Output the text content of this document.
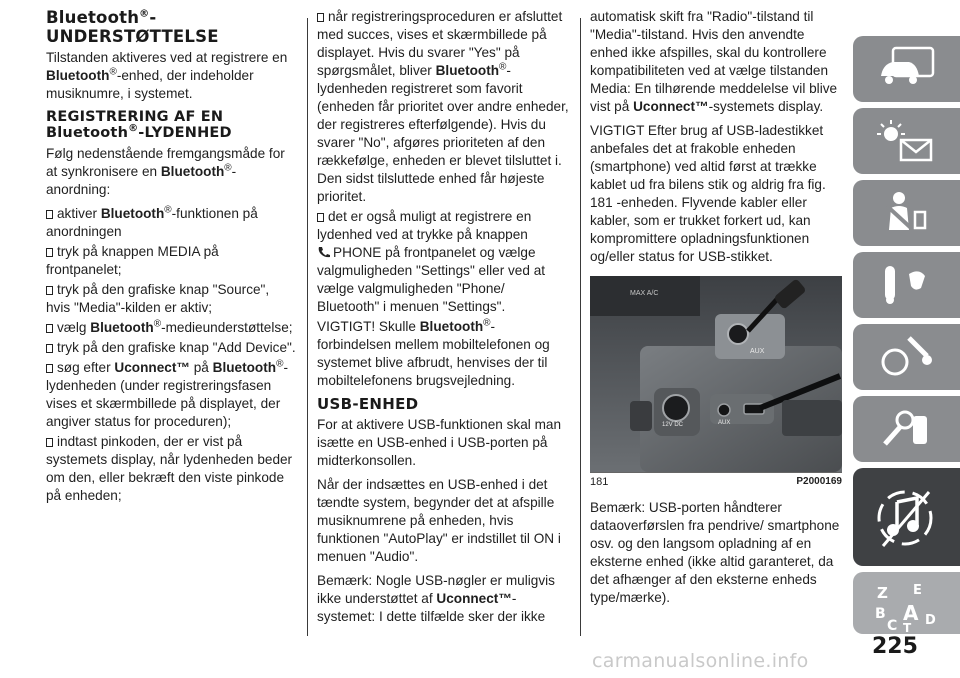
Bluetooth®-
UNDERSTØTTELSE

Tilstanden aktiveres ved at registrere en Bluetooth®-enhed, der indeholder musiknumre, i systemet.

REGISTRERING AF EN
Bluetooth®-LYDENHED

Følg nedenstående fremgangsmåde for at synkronisere en Bluetooth®-anordning:

aktiver Bluetooth®-funktionen på anordningen

tryk på knappen MEDIA på frontpanelet;

tryk på den grafiske knap "Source", hvis "Media"-kilden er aktiv;

vælg Bluetooth®-medieunderstøttelse;

tryk på den grafiske knap "Add Device".

søg efter Uconnect™ på Bluetooth®-lydenheden (under registreringsfasen vises et skærmbillede på displayet, der angiver status for proceduren);

indtast pinkoden, der er vist på systemets display, når lydenheden beder om den, eller bekræft den viste pinkode på enheden;

når registreringsproceduren er afsluttet med succes, vises et skærmbillede på displayet. Hvis du svarer "Yes" på spørgsmålet, bliver Bluetooth®-lydenheden registreret som favorit (enheden får prioritet over andre enheder, der registreres efterfølgende). Hvis du svarer "No", afgøres prioriteten af den rækkefølge, enheden er blevet tilsluttet i. Den sidst tilsluttede enhed får højeste prioritet.

det er også muligt at registrere en lydenhed ved at trykke på knappen
PHONE på frontpanelet og vælge valgmuligheden "Settings" eller ved at vælge valgmuligheden "Phone/ Bluetooth" i menuen "Settings".

VIGTIGT! Skulle Bluetooth®-forbindelsen mellem mobiltelefonen og systemet blive afbrudt, henvises der til mobiltelefonens brugsvejledning.

USB-ENHED

For at aktivere USB-funktionen skal man isætte en USB-enhed i USB-porten på midterkonsollen.

Når der indsættes en USB-enhed i det tændte system, begynder det at afspille musiknumrene på enheden, hvis funktionen "AutoPlay" er indstillet til ON i menuen "Audio".

Bemærk: Nogle USB-nøgler er muligvis ikke understøttet af Uconnect™-systemet: I dette tilfælde sker der ikke

automatisk skift fra "Radio"-tilstand til "Media"-tilstand. Hvis den anvendte enhed ikke afspilles, skal du kontrollere kompatibiliteten ved at vælge tilstanden Media: En tilhørende meddelelse vil blive vist på Uconnect™-systemets display.

VIGTIGT Efter brug af USB-ladestikket anbefales det at frakoble enheden (smartphone) ved altid først at trække kablet ud fra bilens stik og aldrig fra fig. 181 -enheden. Flyvende kabler eller kabler, som er trukket forkert ud, kan kompromittere opladningsfunktionen og/eller status for USB-stikket.

AUX
12V DC	AUX
MAX A/C
181	P2000169

Bemærk: USB-porten håndterer dataoverførslen fra pendrive/ smartphone osv. og den langsom opladning af en eksterne enhed (ikke altid garanteret, da det afhænger af den eksterne enheds type/mærke).	Z E
B A
C T D
225
carmanualsonline.info
